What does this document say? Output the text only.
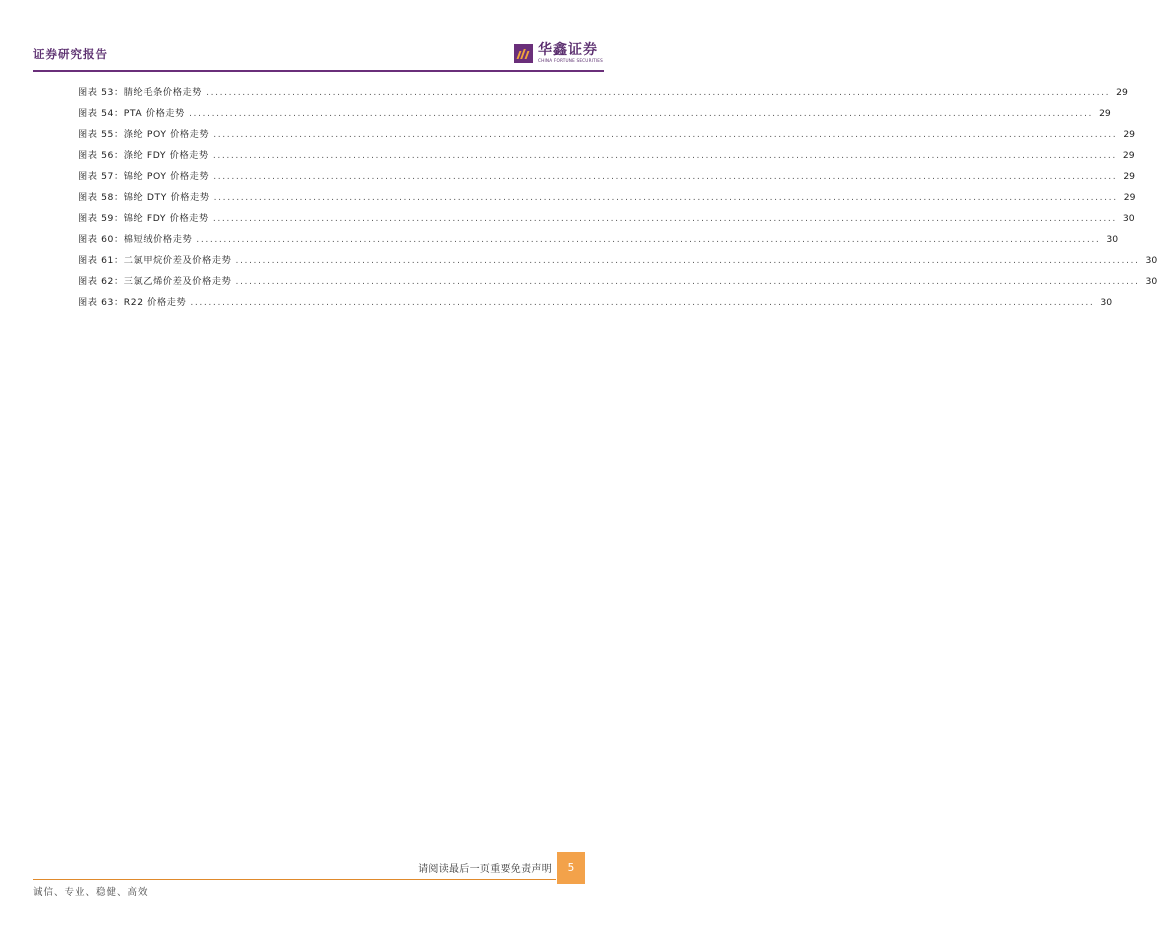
证券研究报告	华鑫证券
CHINA FORTUNE SECURITIES
图表 53：腈纶毛条价格走势 ........................................................................................................................................................................................................ 29
图表 54：PTA 价格走势 ........................................................................................................................................................................................................ 29
图表 55：涤纶 POY 价格走势 ........................................................................................................................................................................................................ 29
图表 56：涤纶 FDY 价格走势 ........................................................................................................................................................................................................ 29
图表 57：锦纶 POY 价格走势 ........................................................................................................................................................................................................ 29
图表 58：锦纶 DTY 价格走势 ........................................................................................................................................................................................................ 29
图表 59：锦纶 FDY 价格走势 ........................................................................................................................................................................................................ 30
图表 60：棉短绒价格走势 ........................................................................................................................................................................................................ 30
图表 61：二氯甲烷价差及价格走势 ........................................................................................................................................................................................................ 30
图表 62：三氯乙烯价差及价格走势 ........................................................................................................................................................................................................ 30
图表 63：R22 价格走势 ........................................................................................................................................................................................................ 30
请阅读最后一页重要免责声明	5
诚信、专业、稳健、高效
